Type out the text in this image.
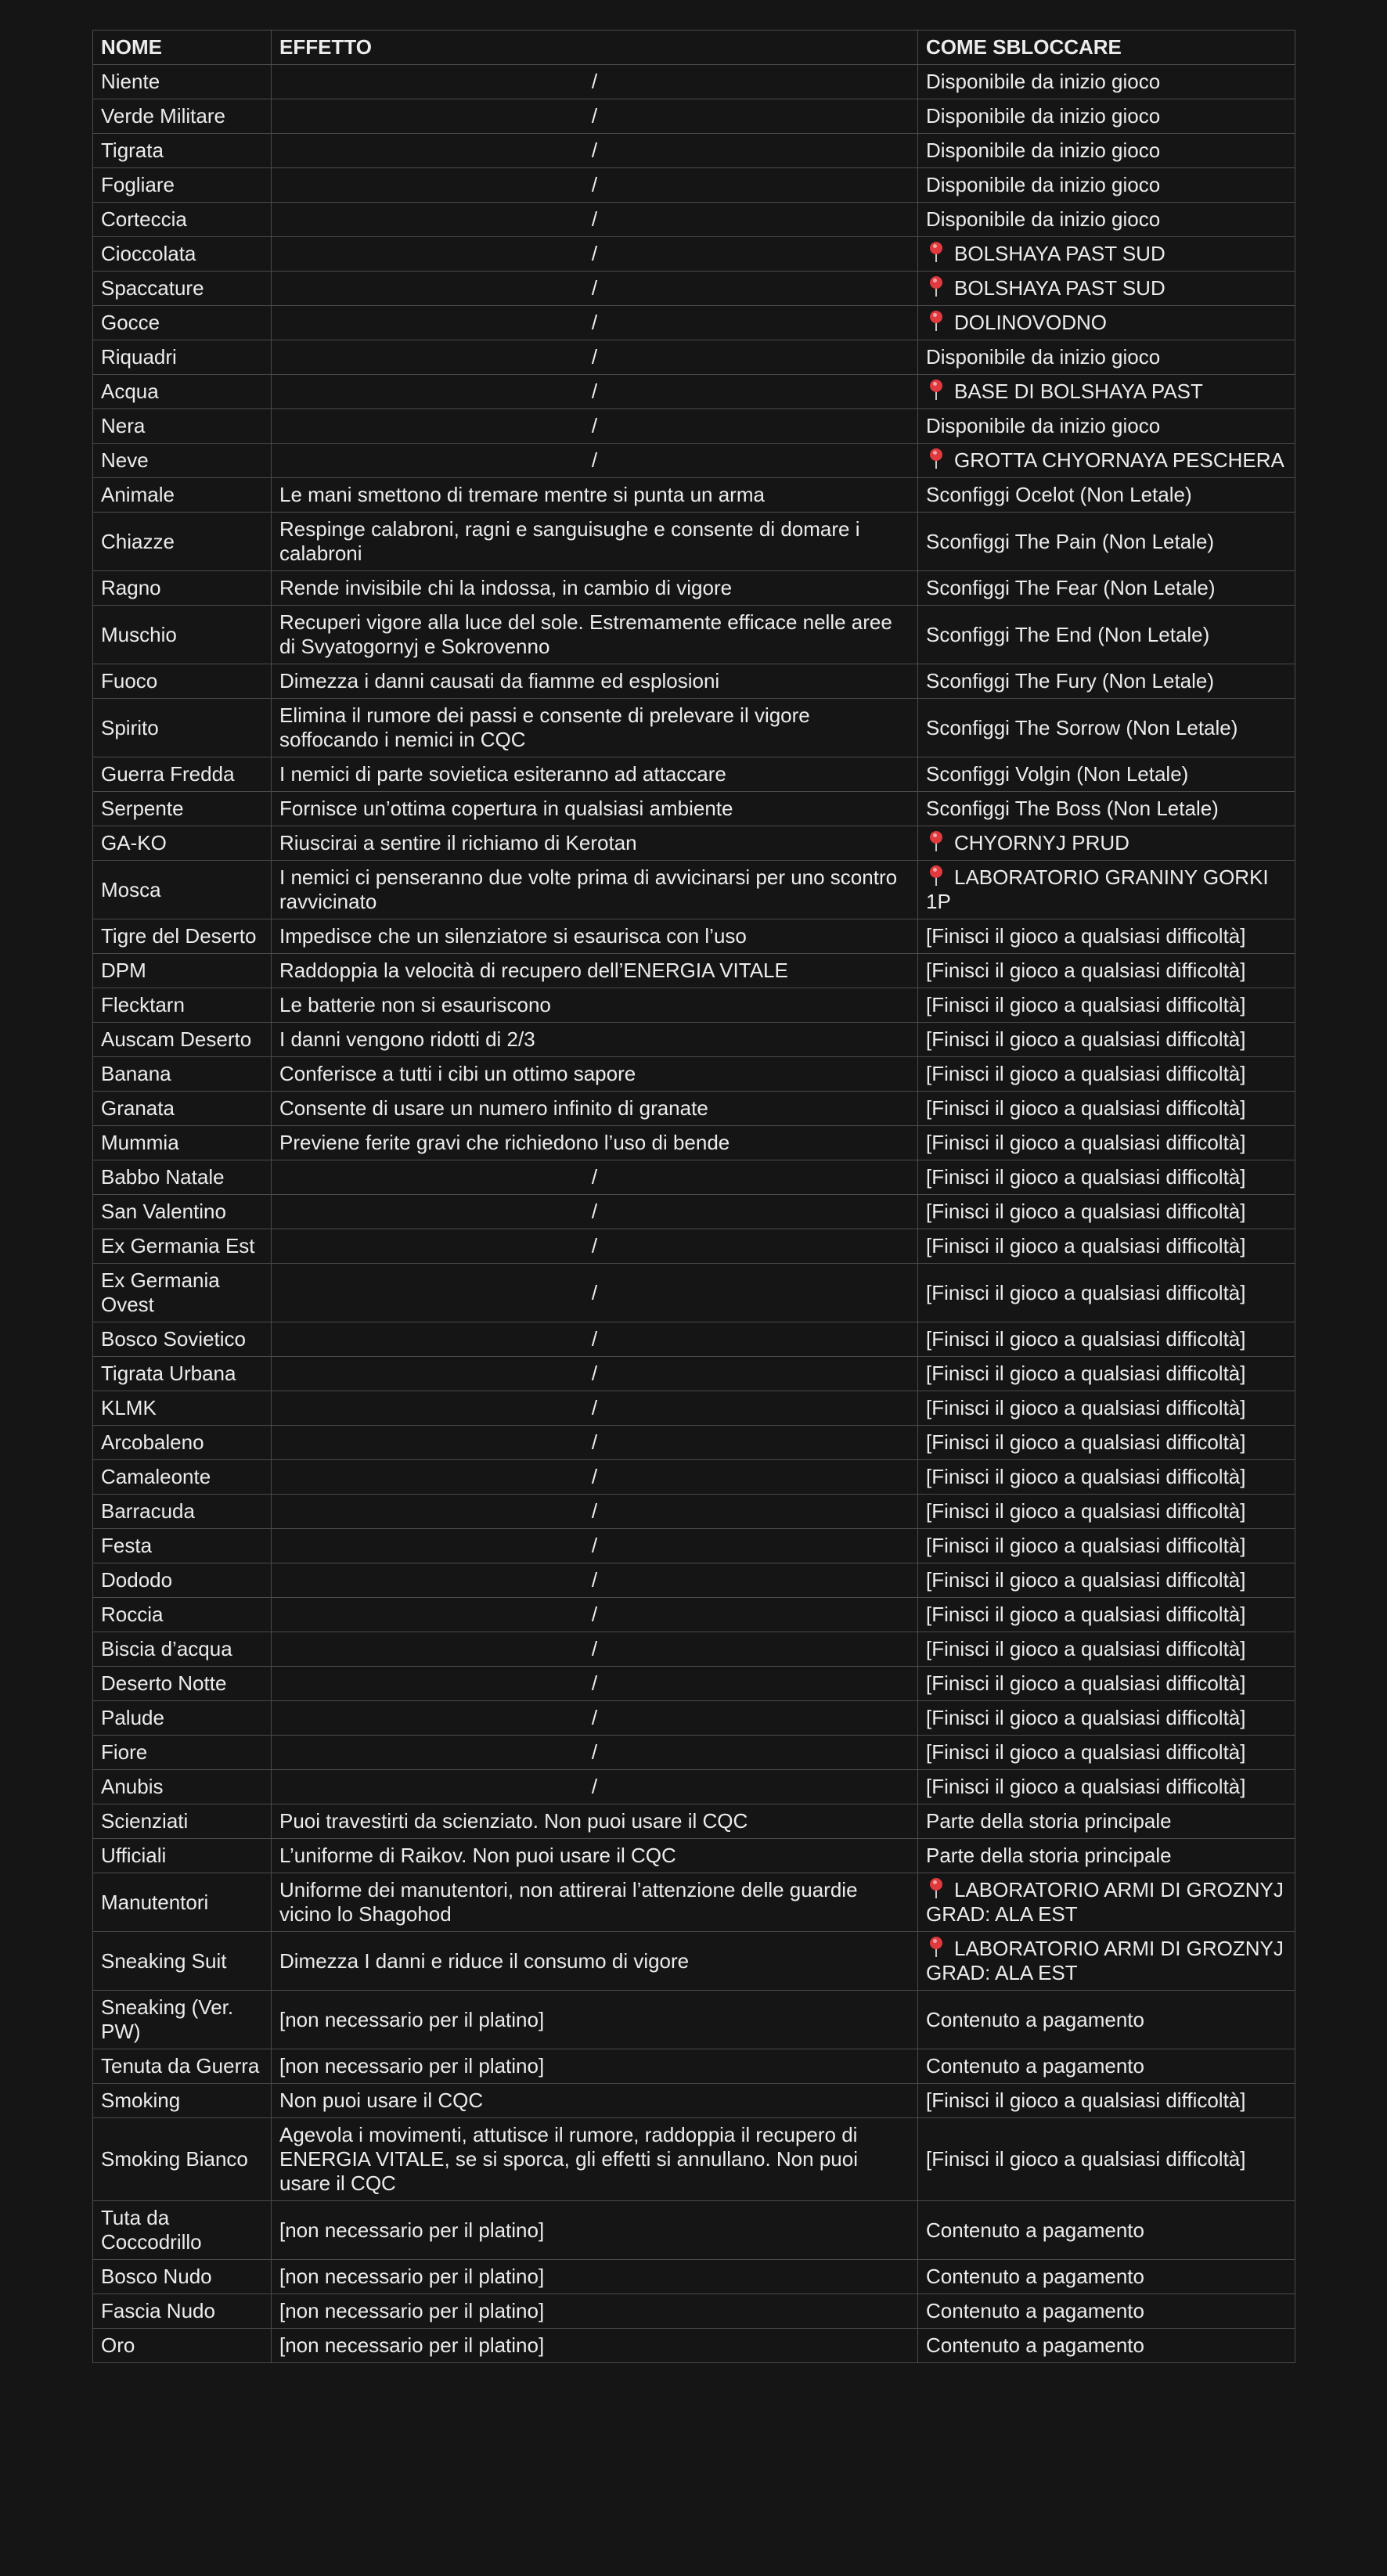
NOME	EFFETTO	COME SBLOCCARE
Niente	/	Disponibile da inizio gioco
Verde Militare	/	Disponibile da inizio gioco
Tigrata	/	Disponibile da inizio gioco
Fogliare	/	Disponibile da inizio gioco
Corteccia	/	Disponibile da inizio gioco
Cioccolata	/	BOLSHAYA PAST SUD
Spaccature	/	BOLSHAYA PAST SUD
Gocce	/	DOLINOVODNO
Riquadri	/	Disponibile da inizio gioco
Acqua	/	BASE DI BOLSHAYA PAST
Nera	/	Disponibile da inizio gioco
Neve	/	GROTTA CHYORNAYA PESCHERA
Animale	Le mani smettono di tremare mentre si punta un arma	Sconfiggi Ocelot (Non Letale)
Chiazze	Respinge calabroni, ragni e sanguisughe e consente di domare i calabroni	Sconfiggi The Pain (Non Letale)
Ragno	Rende invisibile chi la indossa, in cambio di vigore	Sconfiggi The Fear (Non Letale)
Muschio	Recuperi vigore alla luce del sole. Estremamente efficace nelle aree di Svyatogornyj e Sokrovenno	Sconfiggi The End (Non Letale)
Fuoco	Dimezza i danni causati da fiamme ed esplosioni	Sconfiggi The Fury (Non Letale)
Spirito	Elimina il rumore dei passi e consente di prelevare il vigore soffocando i nemici in CQC	Sconfiggi The Sorrow (Non Letale)
Guerra Fredda	I nemici di parte sovietica esiteranno ad attaccare	Sconfiggi Volgin (Non Letale)
Serpente	Fornisce un’ottima copertura in qualsiasi ambiente	Sconfiggi The Boss (Non Letale)
GA-KO	Riuscirai a sentire il richiamo di Kerotan	CHYORNYJ PRUD
Mosca	I nemici ci penseranno due volte prima di avvicinarsi per uno scontro ravvicinato	LABORATORIO GRANINY GORKI 1P
Tigre del Deserto	Impedisce che un silenziatore si esaurisca con l’uso	[Finisci il gioco a qualsiasi difficoltà]
DPM	Raddoppia la velocità di recupero dell’ENERGIA VITALE	[Finisci il gioco a qualsiasi difficoltà]
Flecktarn	Le batterie non si esauriscono	[Finisci il gioco a qualsiasi difficoltà]
Auscam Deserto	I danni vengono ridotti di 2/3	[Finisci il gioco a qualsiasi difficoltà]
Banana	Conferisce a tutti i cibi un ottimo sapore	[Finisci il gioco a qualsiasi difficoltà]
Granata	Consente di usare un numero infinito di granate	[Finisci il gioco a qualsiasi difficoltà]
Mummia	Previene ferite gravi che richiedono l’uso di bende	[Finisci il gioco a qualsiasi difficoltà]
Babbo Natale	/	[Finisci il gioco a qualsiasi difficoltà]
San Valentino	/	[Finisci il gioco a qualsiasi difficoltà]
Ex Germania Est	/	[Finisci il gioco a qualsiasi difficoltà]
Ex Germania Ovest	/	[Finisci il gioco a qualsiasi difficoltà]
Bosco Sovietico	/	[Finisci il gioco a qualsiasi difficoltà]
Tigrata Urbana	/	[Finisci il gioco a qualsiasi difficoltà]
KLMK	/	[Finisci il gioco a qualsiasi difficoltà]
Arcobaleno	/	[Finisci il gioco a qualsiasi difficoltà]
Camaleonte	/	[Finisci il gioco a qualsiasi difficoltà]
Barracuda	/	[Finisci il gioco a qualsiasi difficoltà]
Festa	/	[Finisci il gioco a qualsiasi difficoltà]
Dododo	/	[Finisci il gioco a qualsiasi difficoltà]
Roccia	/	[Finisci il gioco a qualsiasi difficoltà]
Biscia d’acqua	/	[Finisci il gioco a qualsiasi difficoltà]
Deserto Notte	/	[Finisci il gioco a qualsiasi difficoltà]
Palude	/	[Finisci il gioco a qualsiasi difficoltà]
Fiore	/	[Finisci il gioco a qualsiasi difficoltà]
Anubis	/	[Finisci il gioco a qualsiasi difficoltà]
Scienziati	Puoi travestirti da scienziato. Non puoi usare il CQC	Parte della storia principale
Ufficiali	L’uniforme di Raikov. Non puoi usare il CQC	Parte della storia principale
Manutentori	Uniforme dei manutentori, non attirerai l’attenzione delle guardie vicino lo Shagohod	LABORATORIO ARMI DI GROZNYJ GRAD: ALA EST
Sneaking Suit	Dimezza I danni e riduce il consumo di vigore	LABORATORIO ARMI DI GROZNYJ GRAD: ALA EST
Sneaking (Ver. PW)	[non necessario per il platino]	Contenuto a pagamento
Tenuta da Guerra	[non necessario per il platino]	Contenuto a pagamento
Smoking	Non puoi usare il CQC	[Finisci il gioco a qualsiasi difficoltà]
Smoking Bianco	Agevola i movimenti, attutisce il rumore, raddoppia il recupero di ENERGIA VITALE, se si sporca, gli effetti si annullano. Non puoi usare il CQC	[Finisci il gioco a qualsiasi difficoltà]
Tuta da Coccodrillo	[non necessario per il platino]	Contenuto a pagamento
Bosco Nudo	[non necessario per il platino]	Contenuto a pagamento
Fascia Nudo	[non necessario per il platino]	Contenuto a pagamento
Oro	[non necessario per il platino]	Contenuto a pagamento
